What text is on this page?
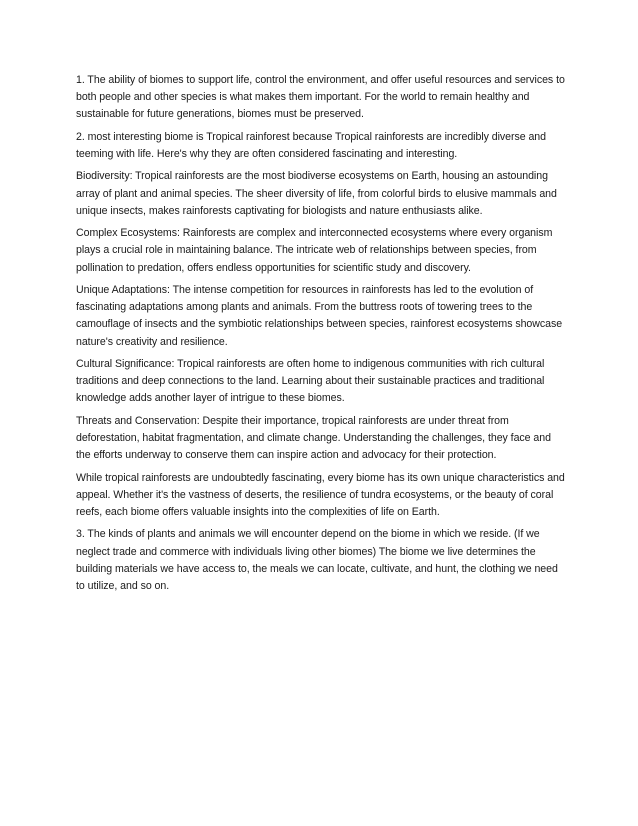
1. The ability of biomes to support life, control the environment, and offer useful resources and services to both people and other species is what makes them important. For the world to remain healthy and sustainable for future generations, biomes must be preserved.

2. most interesting biome is Tropical rainforest because Tropical rainforests are incredibly diverse and teeming with life. Here's why they are often considered fascinating and interesting.

Biodiversity: Tropical rainforests are the most biodiverse ecosystems on Earth, housing an astounding array of plant and animal species. The sheer diversity of life, from colorful birds to elusive mammals and unique insects, makes rainforests captivating for biologists and nature enthusiasts alike.

Complex Ecosystems: Rainforests are complex and interconnected ecosystems where every organism plays a crucial role in maintaining balance. The intricate web of relationships between species, from pollination to predation, offers endless opportunities for scientific study and discovery.

Unique Adaptations: The intense competition for resources in rainforests has led to the evolution of fascinating adaptations among plants and animals. From the buttress roots of towering trees to the camouflage of insects and the symbiotic relationships between species, rainforest ecosystems showcase nature's creativity and resilience.

Cultural Significance: Tropical rainforests are often home to indigenous communities with rich cultural traditions and deep connections to the land. Learning about their sustainable practices and traditional knowledge adds another layer of intrigue to these biomes.

Threats and Conservation: Despite their importance, tropical rainforests are under threat from deforestation, habitat fragmentation, and climate change. Understanding the challenges, they face and the efforts underway to conserve them can inspire action and advocacy for their protection.

While tropical rainforests are undoubtedly fascinating, every biome has its own unique characteristics and appeal. Whether it's the vastness of deserts, the resilience of tundra ecosystems, or the beauty of coral reefs, each biome offers valuable insights into the complexities of life on Earth.

3. The kinds of plants and animals we will encounter depend on the biome in which we reside. (If we neglect trade and commerce with individuals living other biomes) The biome we live determines the building materials we have access to, the meals we can locate, cultivate, and hunt, the clothing we need to utilize, and so on.
